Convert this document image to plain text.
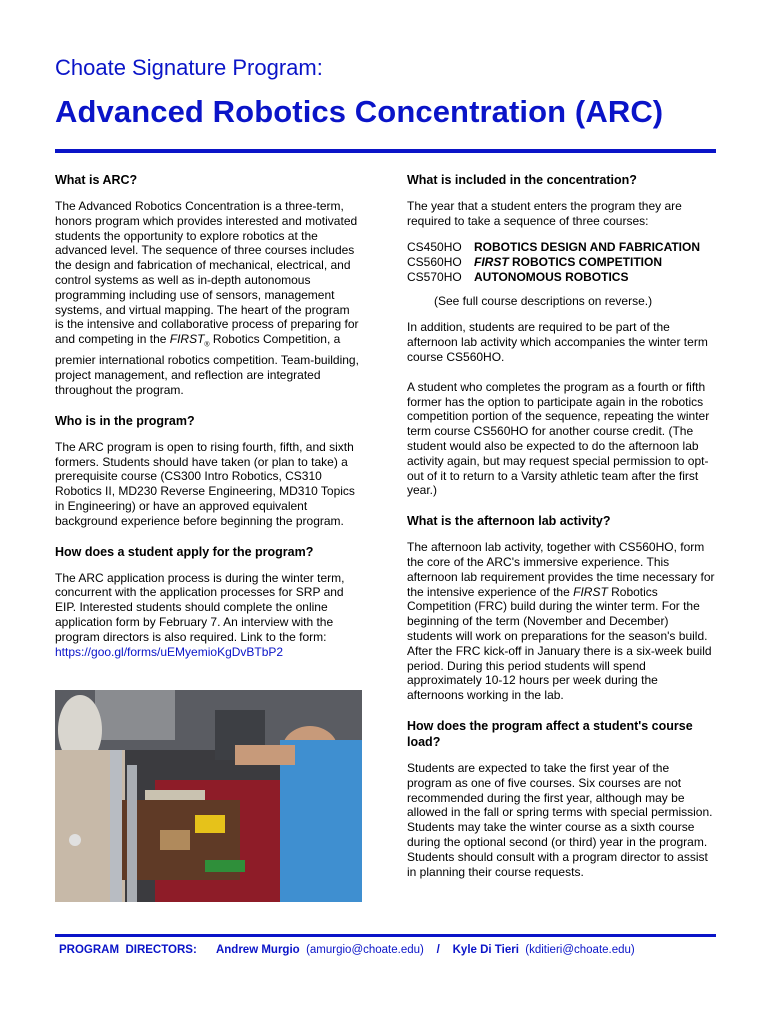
Choate Signature Program:
Advanced Robotics Concentration (ARC)
What is ARC?

The Advanced Robotics Concentration is a three-term, honors program which provides interested and motivated students the opportunity to explore robotics at the advanced level. The sequence of three courses includes the design and fabrication of mechanical, electrical, and control systems as well as in-depth autonomous programming including use of sensors, management systems, and virtual mapping. The heart of the program is the intensive and collaborative process of preparing for and competing in the $FIRST_®$ Robotics Competition, a premier international robotics competition. Team-building, project management, and reflection are integrated throughout the program.

Who is in the program?

The ARC program is open to rising fourth, fifth, and sixth formers. Students should have taken (or plan to take) a prerequisite course (CS300 Intro Robotics, CS310 Robotics II, MD230 Reverse Engineering, MD310 Topics in Engineering) or have an approved equivalent background experience before beginning the program.

How does a student apply for the program?

The ARC application process is during the winter term, concurrent with the application processes for SRP and EIP. Interested students should complete the online application form by February 7. An interview with the program directors is also required. Link to the form:
https://goo.gl/forms/uEMyemioKgDvBTbP2

What is included in the concentration?

The year that a student enters the program they are required to take a sequence of three courses:

CS450HO	ROBOTICS DESIGN AND FABRICATION
CS560HO	FIRST ROBOTICS COMPETITION
CS570HO	AUTONOMOUS ROBOTICS

(See full course descriptions on reverse.)

In addition, students are required to be part of the afternoon lab activity which accompanies the winter term course CS560HO.

A student who completes the program as a fourth or fifth former has the option to participate again in the robotics competition portion of the sequence, repeating the winter term course CS560HO for another course credit. (The student would also be expected to do the afternoon lab activity again, but may request special permission to opt-out of it to return to a Varsity athletic team after the first year.)

What is the afternoon lab activity?

The afternoon lab activity, together with CS560HO, form the core of the ARC's immersive experience. This afternoon lab requirement provides the time necessary for the intensive experience of the FIRST Robotics Competition (FRC) build during the winter term. For the beginning of the term (November and December) students will work on preparations for the season's build. After the FRC kick-off in January there is a six-week build period. During this period students will spend approximately 10-12 hours per week during the afternoons working in the lab.

How does the program affect a student's course load?

Students are expected to take the first year of the program as one of five courses. Six courses are not recommended during the first year, although may be allowed in the fall or spring terms with special permission. Students may take the winter course as a sixth course during the optional second (or third) year in the program. Students should consult with a program director to assist in planning their course requests.

PROGRAM  DIRECTORS: Andrew Murgio (amurgio@choate.edu) / Kyle Di Tieri (kditieri@choate.edu)
